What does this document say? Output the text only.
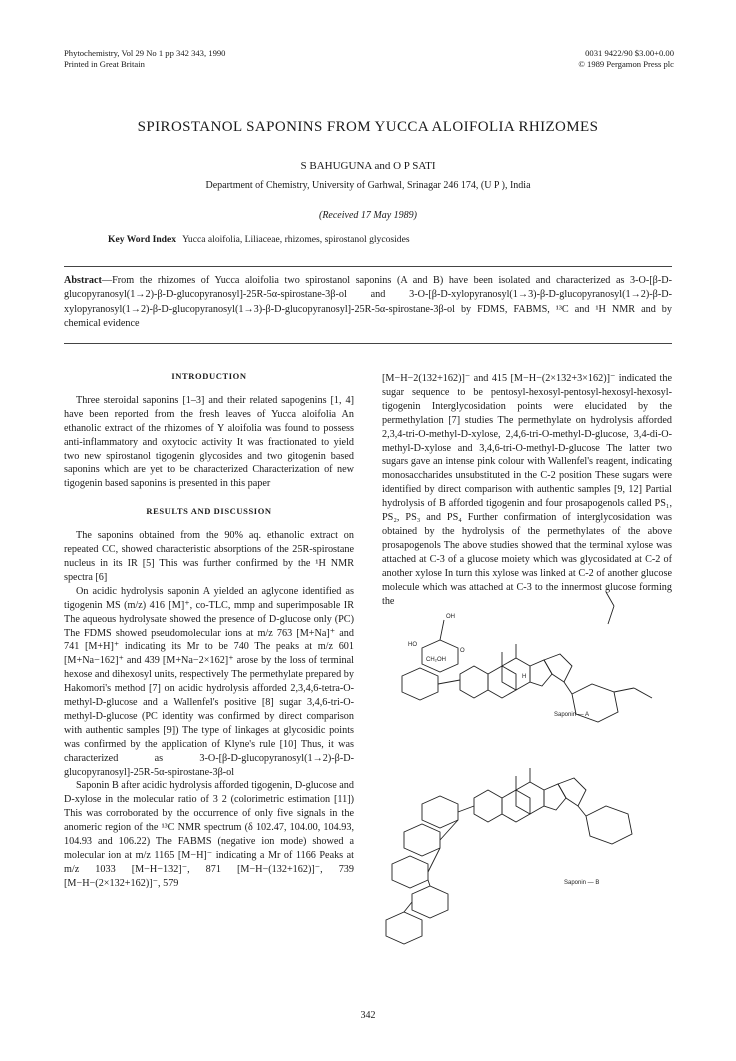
Phytochemistry, Vol 29 No 1 pp 342 343, 1990
Printed in Great Britain
0031 9422/90 $3.00+0.00
© 1989 Pergamon Press plc
SPIROSTANOL SAPONINS FROM YUCCA ALOIFOLIA RHIZOMES
S BAHUGUNA and O P SATI
Department of Chemistry, University of Garhwal, Srinagar 246 174, (U P ), India
(Received 17 May 1989)
Key Word Index Yucca aloifolia, Liliaceae, rhizomes, spirostanol glycosides
Abstract—From the rhizomes of Yucca aloifolia two spirostanol saponins (A and B) have been isolated and characterized as 3-O-[β-D-glucopyranosyl(1→2)-β-D-glucopyranosyl]-25R-5α-spirostane-3β-ol and 3-O-[β-D-xylopyranosyl(1→3)-β-D-glucopyranosyl(1→2)-β-D-xylopyranosyl(1→2)-β-D-glucopyranosyl(1→3)-β-D-glucopyranosyl]-25R-5α-spirostane-3β-ol by FDMS, FABMS, ¹³C and ¹H NMR and by chemical evidence
INTRODUCTION

Three steroidal saponins [1–3] and their related sapogenins [1, 4] have been reported from the fresh leaves of Yucca aloifolia An ethanolic extract of the rhizomes of Y aloifolia was found to possess anti-inflammatory and oxytocic activity It was fractionated to yield two new spirostanol tigogenin glycosides and two gitogenin based saponins which are yet to be characterized Characterization of new tigogenin based saponins is presented in this paper

RESULTS AND DISCUSSION

The saponins obtained from the 90% aq. ethanolic extract on repeated CC, showed characteristic absorptions of the 25R-spirostane nucleus in its IR [5] This was further confirmed by the ¹H NMR spectra [6]

On acidic hydrolysis saponin A yielded an aglycone identified as tigogenin MS (m/z) 416 [M]⁺, co-TLC, mmp and superimposable IR The aqueous hydrolysate showed the presence of D-glucose only (PC) The FDMS showed pseudomolecular ions at m/z 763 [M+Na]⁺ and 741 [M+H]⁺ indicating its Mr to be 740 The peaks at m/z 601 [M+Na−162]⁺ and 439 [M+Na−2×162]⁺ arose by the loss of terminal hexose and dihexosyl units, respectively The permethylate prepared by Hakomori's method [7] on acidic hydrolysis afforded 2,3,4,6-tetra-O-methyl-D-glucose and a Wallenfel's positive [8] sugar 3,4,6-tri-O-methyl-D-glucose (PC identity was confirmed by direct comparison with authentic samples [9]) The type of linkages at glycosidic points was confirmed by the application of Klyne's rule [10] Thus, it was characterized as 3-O-[β-D-glucopyranosyl(1→2)-β-D-glucopyranosyl]-25R-5α-spirostane-3β-ol

Saponin B after acidic hydrolysis afforded tigogenin, D-glucose and D-xylose in the molecular ratio of 3 2 (colorimetric estimation [11]) This was corroborated by the occurrence of only five signals in the anomeric region of the ¹³C NMR spectrum (δ 102.47, 104.00, 104.93, 104.93 and 106.22) The FABMS (negative ion mode) showed a molecular ion at m/z 1165 [M−H]⁻ indicating a Mr of 1166 Peaks at m/z 1033 [M−H−132]⁻, 871 [M−H−(132+162)]⁻, 739 [M−H−(2×132+162)]⁻, 579

[M−H−2(132+162)]⁻ and 415 [M−H−(2×132+3×162)]⁻ indicated the sugar sequence to be pentosyl-hexosyl-pentosyl-hexosyl-hexosyl-tigogenin Interglycosidation points were elucidated by the permethylation [7] studies The permethylate on hydrolysis afforded 2,3,4-tri-O-methyl-D-xylose, 2,4,6-tri-O-methyl-D-glucose, 3,4-di-O-methyl-D-xylose and 3,4,6-tri-O-methyl-D-glucose The latter two sugars gave an intense pink colour with Wallenfel's reagent, indicating monosaccharides unsubstituted in the C-2 position These sugars were identified by direct comparison with authentic samples [9, 12] Partial hydrolysis of B afforded tigogenin and four prosapogenols called PS₁, PS₂, PS₃ and PS₄ Further confirmation of interglycosidation was obtained by the hydrolysis of the permethylates of the above prosapogenols The above studies showed that the terminal xylose was attached at C-3 of a glucose moiety which was glycosidated at C-2 of another xylose In turn this xylose was linked at C-2 of another glucose molecule which was attached at C-3 to the innermost glucose forming the

OH
HO
CH₂OH
O
H
Saponin — A
Saponin — B
342
